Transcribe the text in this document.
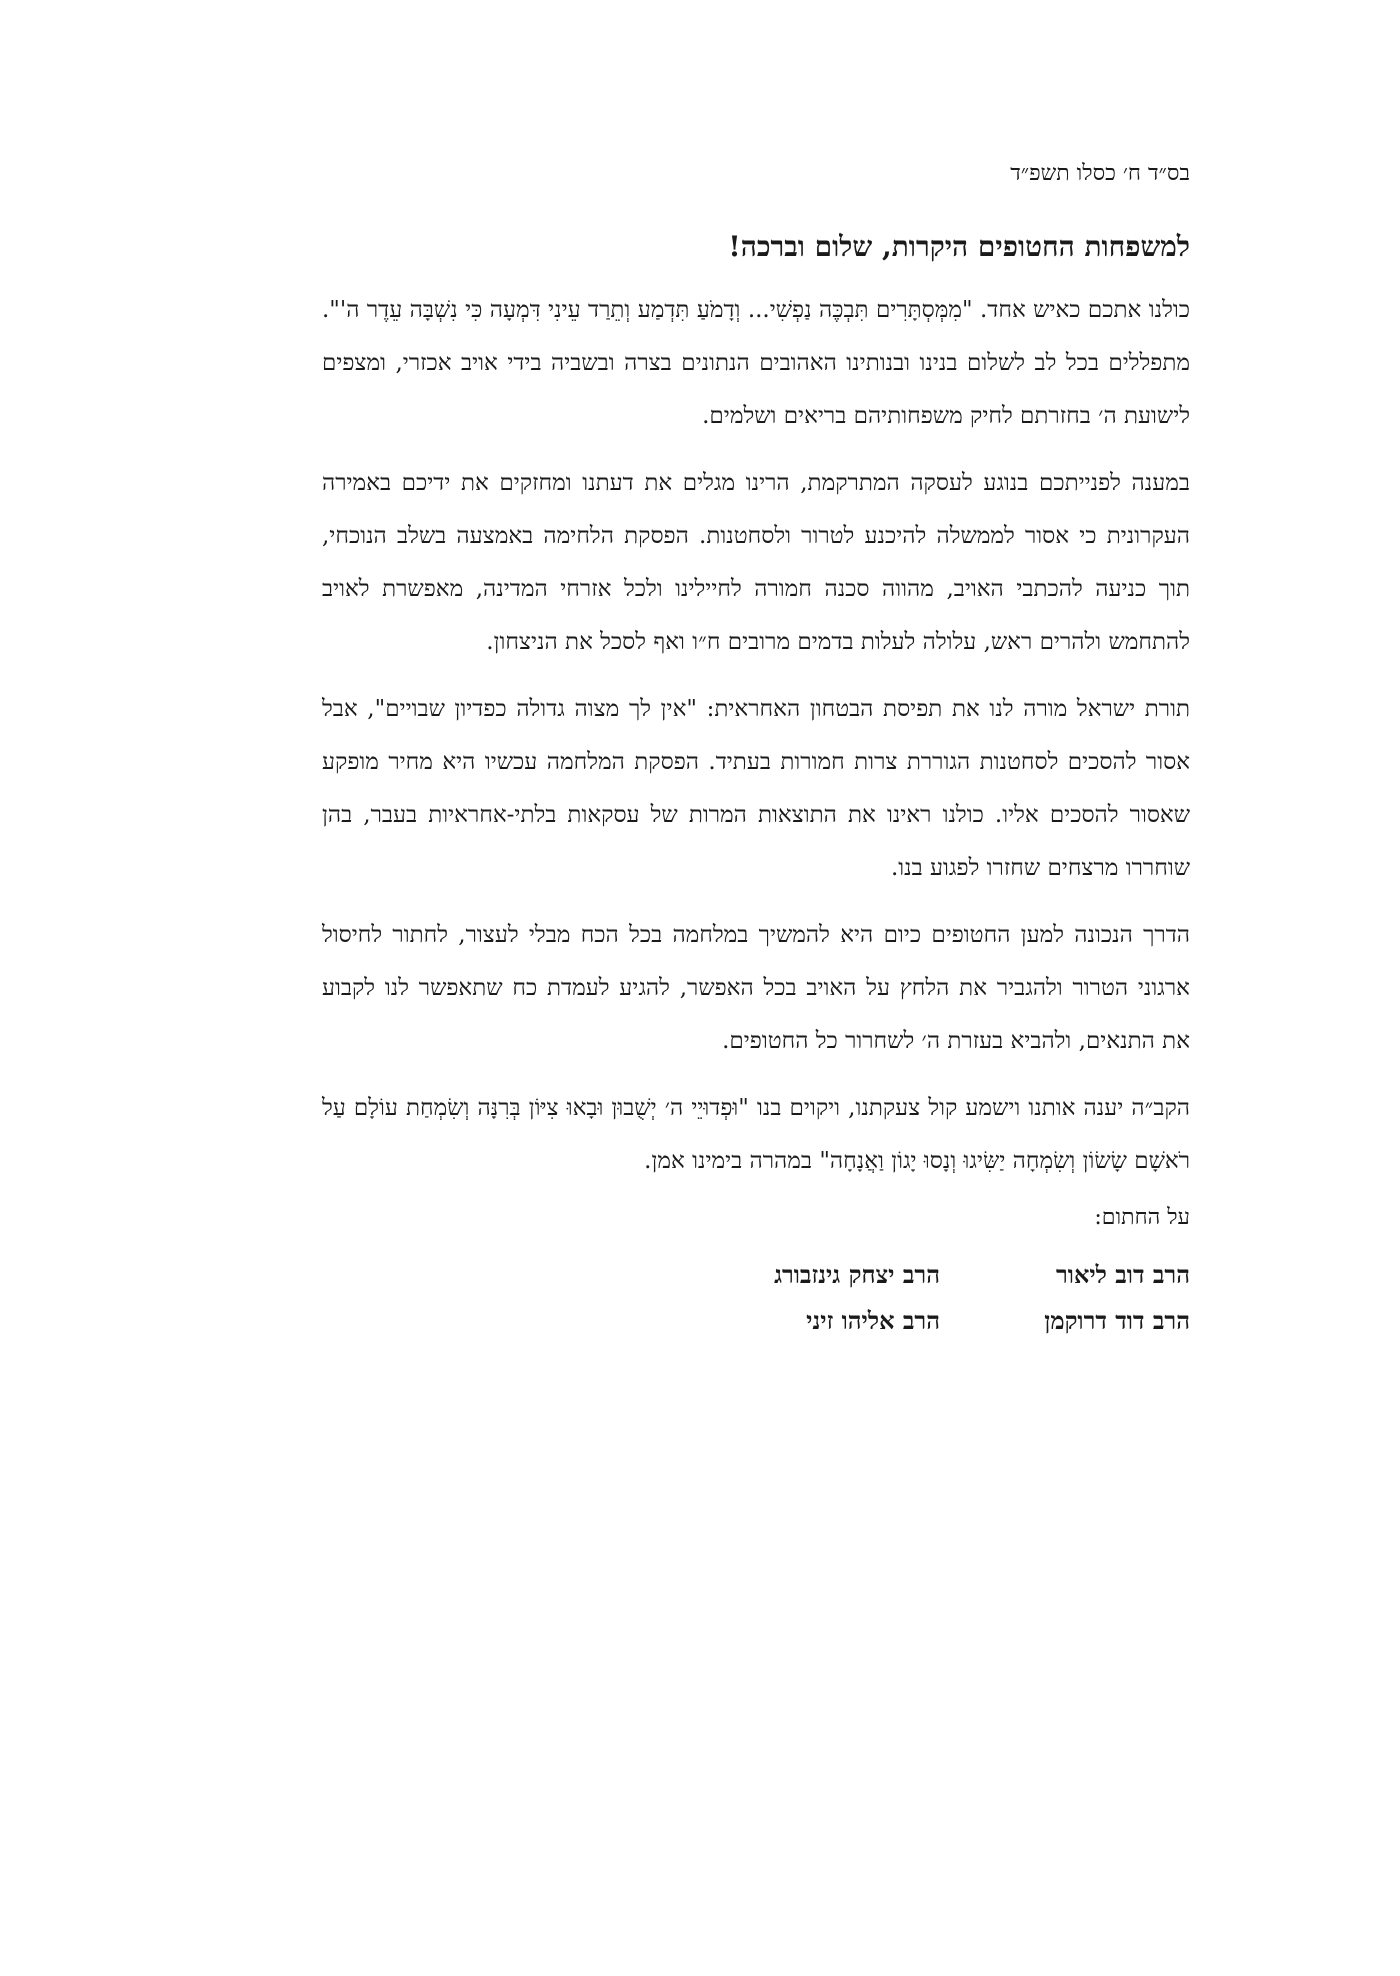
בס״ד ח׳ כסלו תשפ״ד
למשפחות החטופים היקרות, שלום וברכה!

כולנו אתכם כאיש אחד. "מִמְּסְתָּרִים תִּבְכֶּה נַפְשִׁי... וְדָמֹעַ תִּדְמַע וְתֵרַד עֵינִי דִּמְעָה כִּי נִשְׁבָּה עֵדֶר ה'". מתפללים בכל לב לשלום בנינו ובנותינו האהובים הנתונים בצרה ובשביה בידי אויב אכזרי, ומצפים לישועת ה׳ בחזרתם לחיק משפחותיהם בריאים ושלמים.

במענה לפנייתכם בנוגע לעסקה המתרקמת, הרינו מגלים את דעתנו ומחזקים את ידיכם באמירה העקרונית כי אסור לממשלה להיכנע לטרור ולסחטנות. הפסקת הלחימה באמצעה בשלב הנוכחי, תוך כניעה להכתבי האויב, מהווה סכנה חמורה לחיילינו ולכל אזרחי המדינה, מאפשרת לאויב להתחמש ולהרים ראש, עלולה לעלות בדמים מרובים ח״ו ואף לסכל את הניצחון.

תורת ישראל מורה לנו את תפיסת הבטחון האחראית: "אין לך מצוה גדולה כפדיון שבויים", אבל אסור להסכים לסחטנות הגוררת צרות חמורות בעתיד. הפסקת המלחמה עכשיו היא מחיר מופקע שאסור להסכים אליו. כולנו ראינו את התוצאות המרות של עסקאות בלתי-אחראיות בעבר, בהן שוחררו מרצחים שחזרו לפגוע בנו.

הדרך הנכונה למען החטופים כיום היא להמשיך במלחמה בכל הכח מבלי לעצור, לחתור לחיסול ארגוני הטרור ולהגביר את הלחץ על האויב בכל האפשר, להגיע לעמדת כח שתאפשר לנו לקבוע את התנאים, ולהביא בעזרת ה׳ לשחרור כל החטופים.

הקב״ה יענה אותנו וישמע קול צעקתנו, ויקוים בנו "וּפְדוּיֵי ה׳ יְשֻׁבוּן וּבָאוּ צִיּוֹן בְּרִנָּה וְשִׂמְחַת עוֹלָם עַל רֹאשָׁם שָׂשׂוֹן וְשִׂמְחָה יַשִּׂיגוּ וְנָסוּ יָגוֹן וַאֲנָחָה" במהרה בימינו אמן.

על החתום:
הרב דוב ליאור
הרב יצחק גינזבורג
הרב דוד דרוקמן
הרב אליהו זיני
